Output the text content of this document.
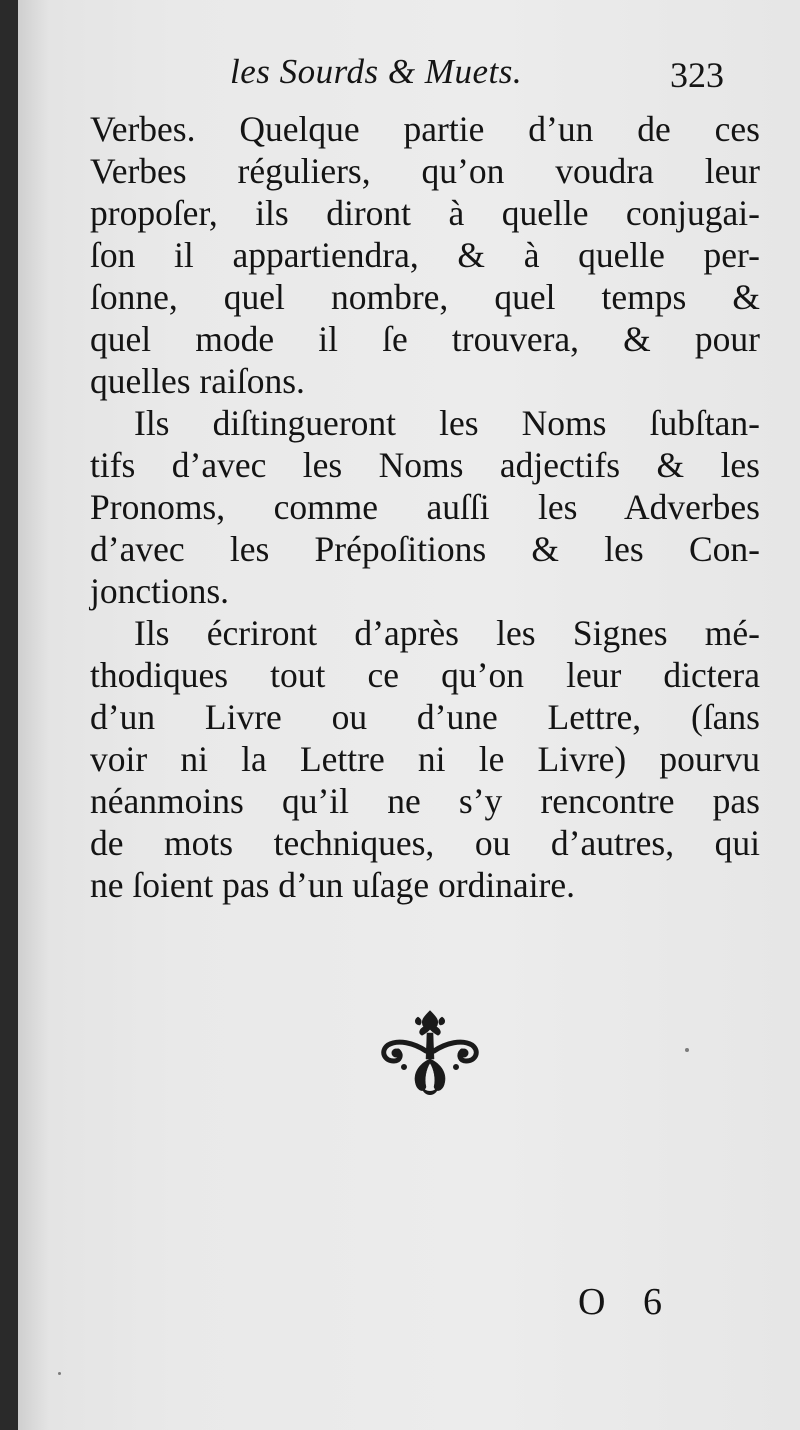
les Sourds & Muets.	323
Verbes. Quelque partie d’un de ces
Verbes réguliers, qu’on voudra leur
propoſer, ils diront à quelle conjugai-
ſon il appartiendra, & à quelle per-
ſonne, quel nombre, quel temps &
quel mode il ſe trouvera, & pour
quelles raiſons.
Ils diſtingueront les Noms ſubſtan-
tifs d’avec les Noms adjectifs & les
Pronoms, comme auſſi les Adverbes
d’avec les Prépoſitions & les Con-
jonctions.
Ils écriront d’après les Signes mé-
thodiques tout ce qu’on leur dictera
d’un Livre ou d’une Lettre, (ſans
voir ni la Lettre ni le Livre) pourvu
néanmoins qu’il ne s’y rencontre pas
de mots techniques, ou d’autres, qui
ne ſoient pas d’un uſage ordinaire.
O 6
